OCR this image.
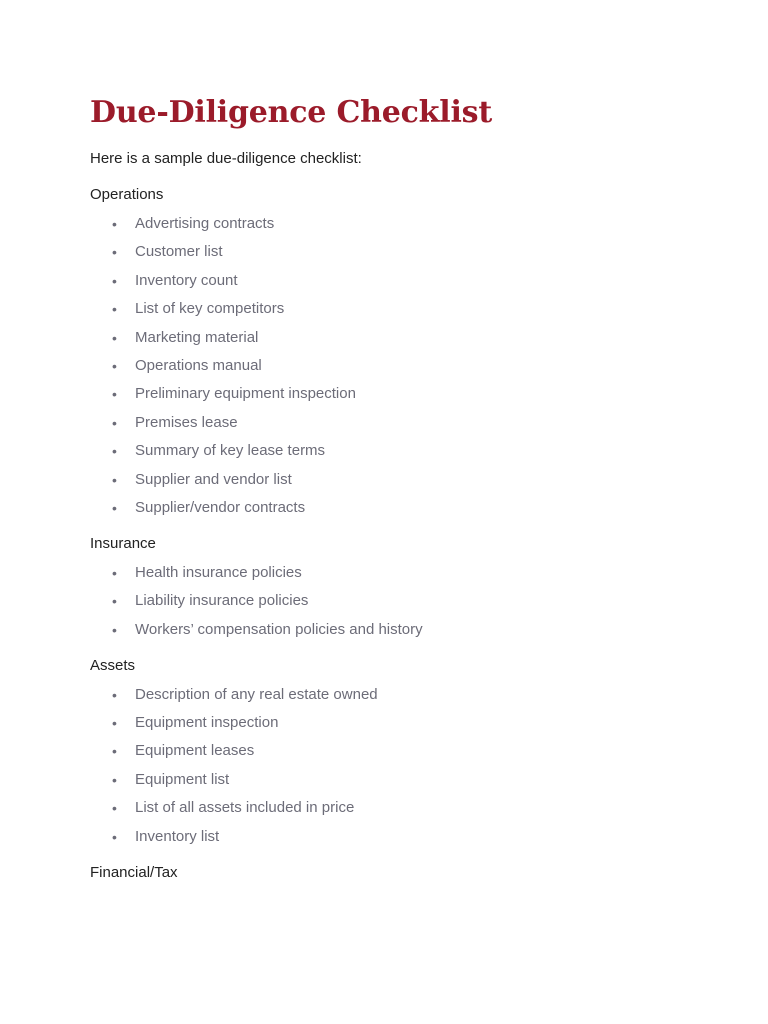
Due-Diligence Checklist

Here is a sample due-diligence checklist:

Operations

•	Advertising contracts
•	Customer list
•	Inventory count
•	List of key competitors
•	Marketing material
•	Operations manual
•	Preliminary equipment inspection
•	Premises lease
•	Summary of key lease terms
•	Supplier and vendor list
•	Supplier/vendor contracts

Insurance

•	Health insurance policies
•	Liability insurance policies
•	Workers’ compensation policies and history

Assets

•	Description of any real estate owned
•	Equipment inspection
•	Equipment leases
•	Equipment list
•	List of all assets included in price
•	Inventory list

Financial/Tax
